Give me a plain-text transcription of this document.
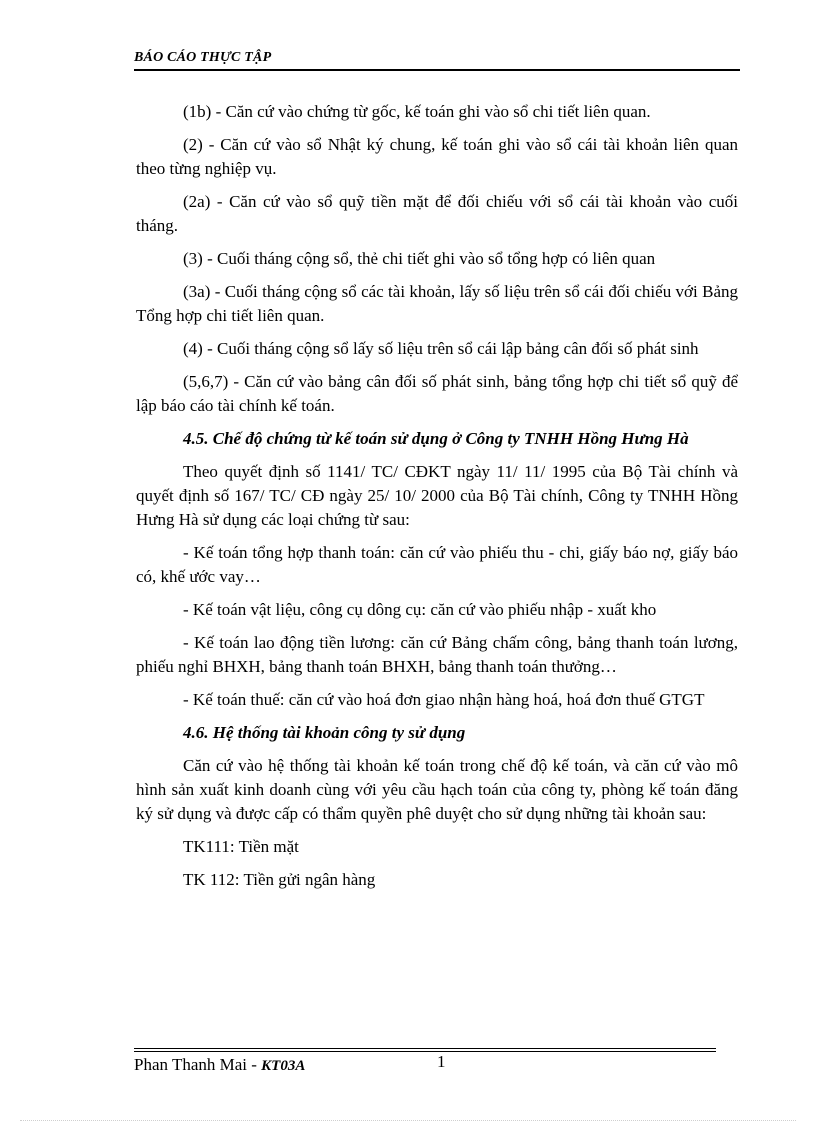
BÁO CÁO THỰC TẬP

(1b) - Căn cứ vào chứng từ gốc, kế toán ghi vào sổ chi tiết liên quan.

(2) - Căn cứ vào sổ Nhật ký chung, kế toán ghi vào sổ cái tài khoản liên quan theo từng nghiệp vụ.

(2a) - Căn cứ vào sổ quỹ tiền mặt để đối chiếu với sổ cái tài khoản vào cuối tháng.

(3) - Cuối tháng cộng sổ, thẻ chi tiết ghi vào sổ tổng hợp có liên quan

(3a) - Cuối tháng cộng sổ các tài khoản, lấy số liệu trên sổ cái đối chiếu với Bảng Tổng hợp chi tiết liên quan.

(4) - Cuối tháng cộng sổ lấy số liệu trên sổ cái lập bảng cân đối số phát sinh

(5,6,7) - Căn cứ vào bảng cân đối số phát sinh, bảng tổng hợp chi tiết sổ quỹ để lập báo cáo tài chính kế toán.

4.5. Chế độ chứng từ kế toán sử dụng ở Công ty TNHH Hồng Hưng Hà

Theo quyết định số 1141/ TC/ CĐKT ngày 11/ 11/ 1995 của Bộ Tài chính và quyết định số 167/ TC/ CĐ ngày 25/ 10/ 2000 của Bộ Tài chính, Công ty TNHH Hồng Hưng Hà sử dụng các loại chứng từ sau:

- Kế toán tổng hợp thanh toán: căn cứ vào phiếu thu - chi, giấy báo nợ, giấy báo có, khế ước vay…

- Kế toán vật liệu, công cụ dông cụ: căn cứ vào phiếu nhập - xuất kho

- Kế toán lao động tiền lương: căn cứ Bảng chấm công, bảng thanh toán lương, phiếu nghỉ BHXH, bảng thanh toán BHXH, bảng thanh toán thưởng…

- Kế toán thuế: căn cứ vào hoá đơn giao nhận hàng hoá, hoá đơn thuế GTGT

4.6. Hệ thống tài khoản công ty sử dụng

Căn cứ vào hệ thống tài khoản kế toán trong chế độ kế toán, và căn cứ vào mô hình sản xuất kinh doanh cùng với yêu cầu hạch toán của công ty, phòng kế toán đăng ký sử dụng và được cấp có thẩm quyền phê duyệt cho sử dụng những tài khoản sau:

TK111: Tiền mặt

TK 112: Tiền gửi ngân hàng

Phan Thanh Mai - KT03A	1
